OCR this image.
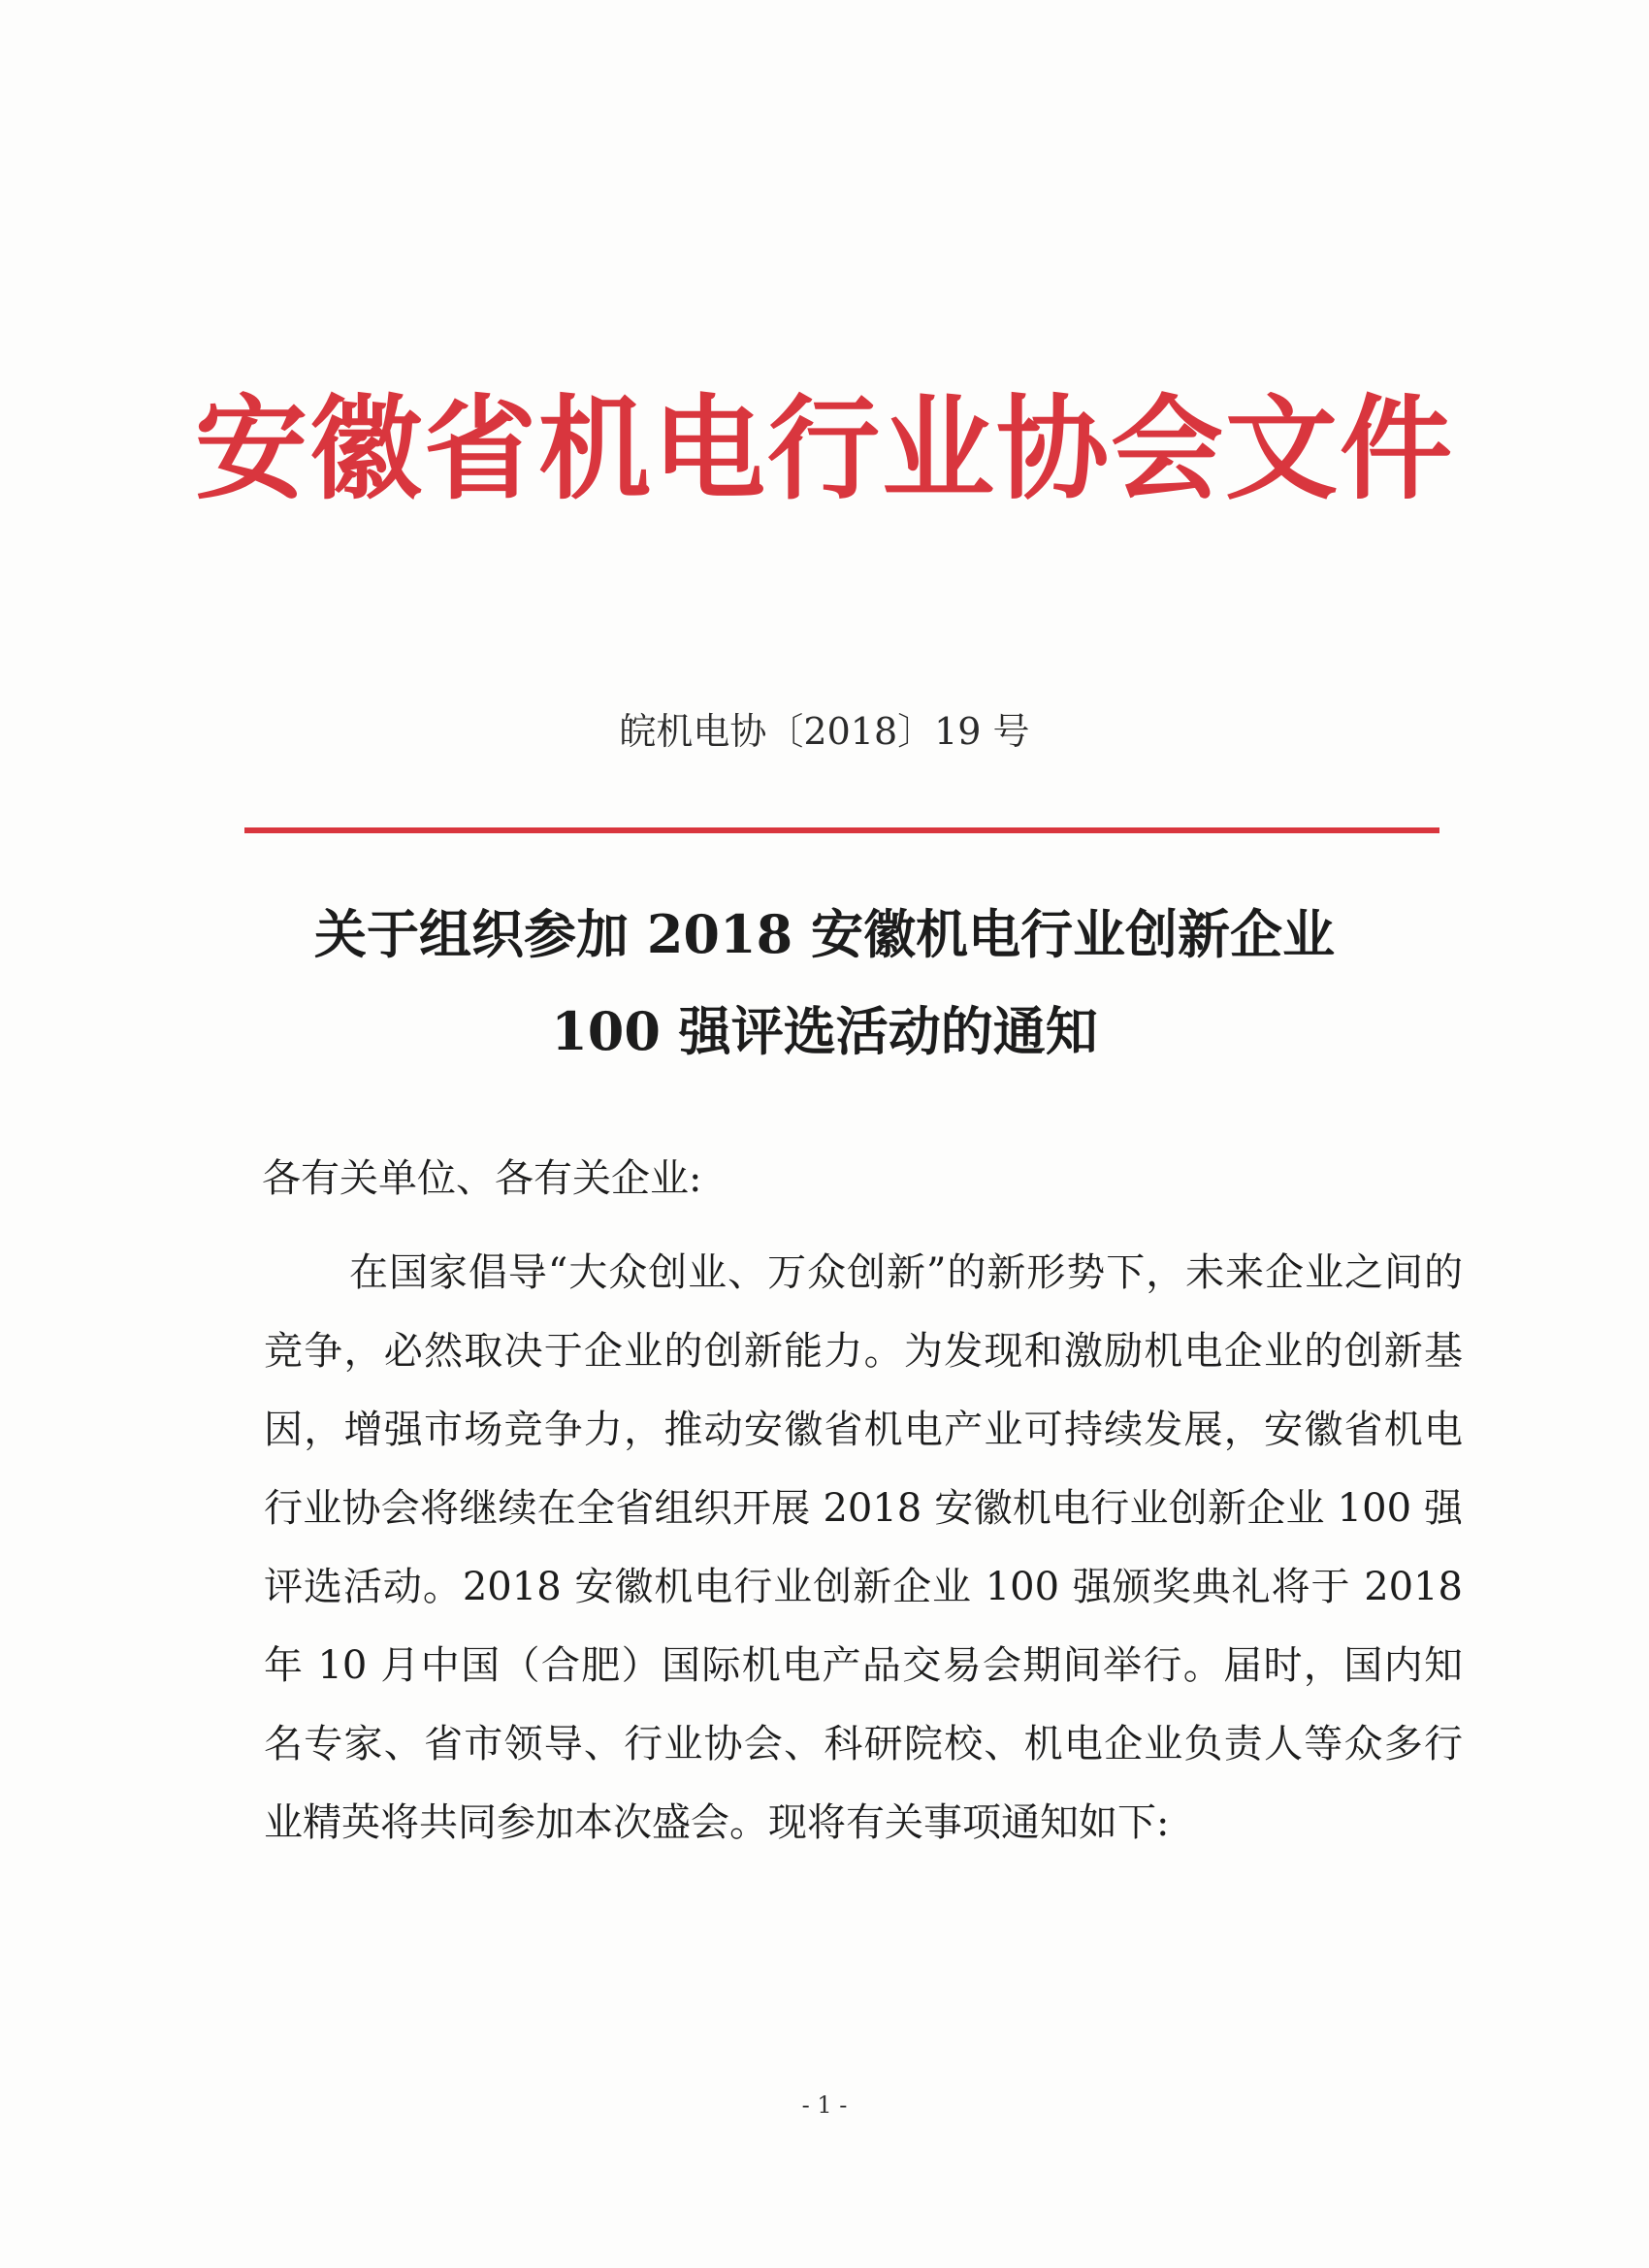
安徽省机电行业协会文件
皖机电协〔2018〕19 号
关于组织参加 2018 安徽机电行业创新企业
100 强评选活动的通知
各有关单位、各有关企业:

在国家倡导“大众创业、万众创新”的新形势下，未来企业之间的竞争，必然取决于企业的创新能力。为发现和激励机电企业的创新基因，增强市场竞争力，推动安徽省机电产业可持续发展，安徽省机电行业协会将继续在全省组织开展 2018 安徽机电行业创新企业 100 强评选活动。2018 安徽机电行业创新企业 100 强颁奖典礼将于 2018 年 10 月中国（合肥）国际机电产品交易会期间举行。届时，国内知名专家、省市领导、行业协会、科研院校、机电企业负责人等众多行业精英将共同参加本次盛会。现将有关事项通知如下:

- 1 -
